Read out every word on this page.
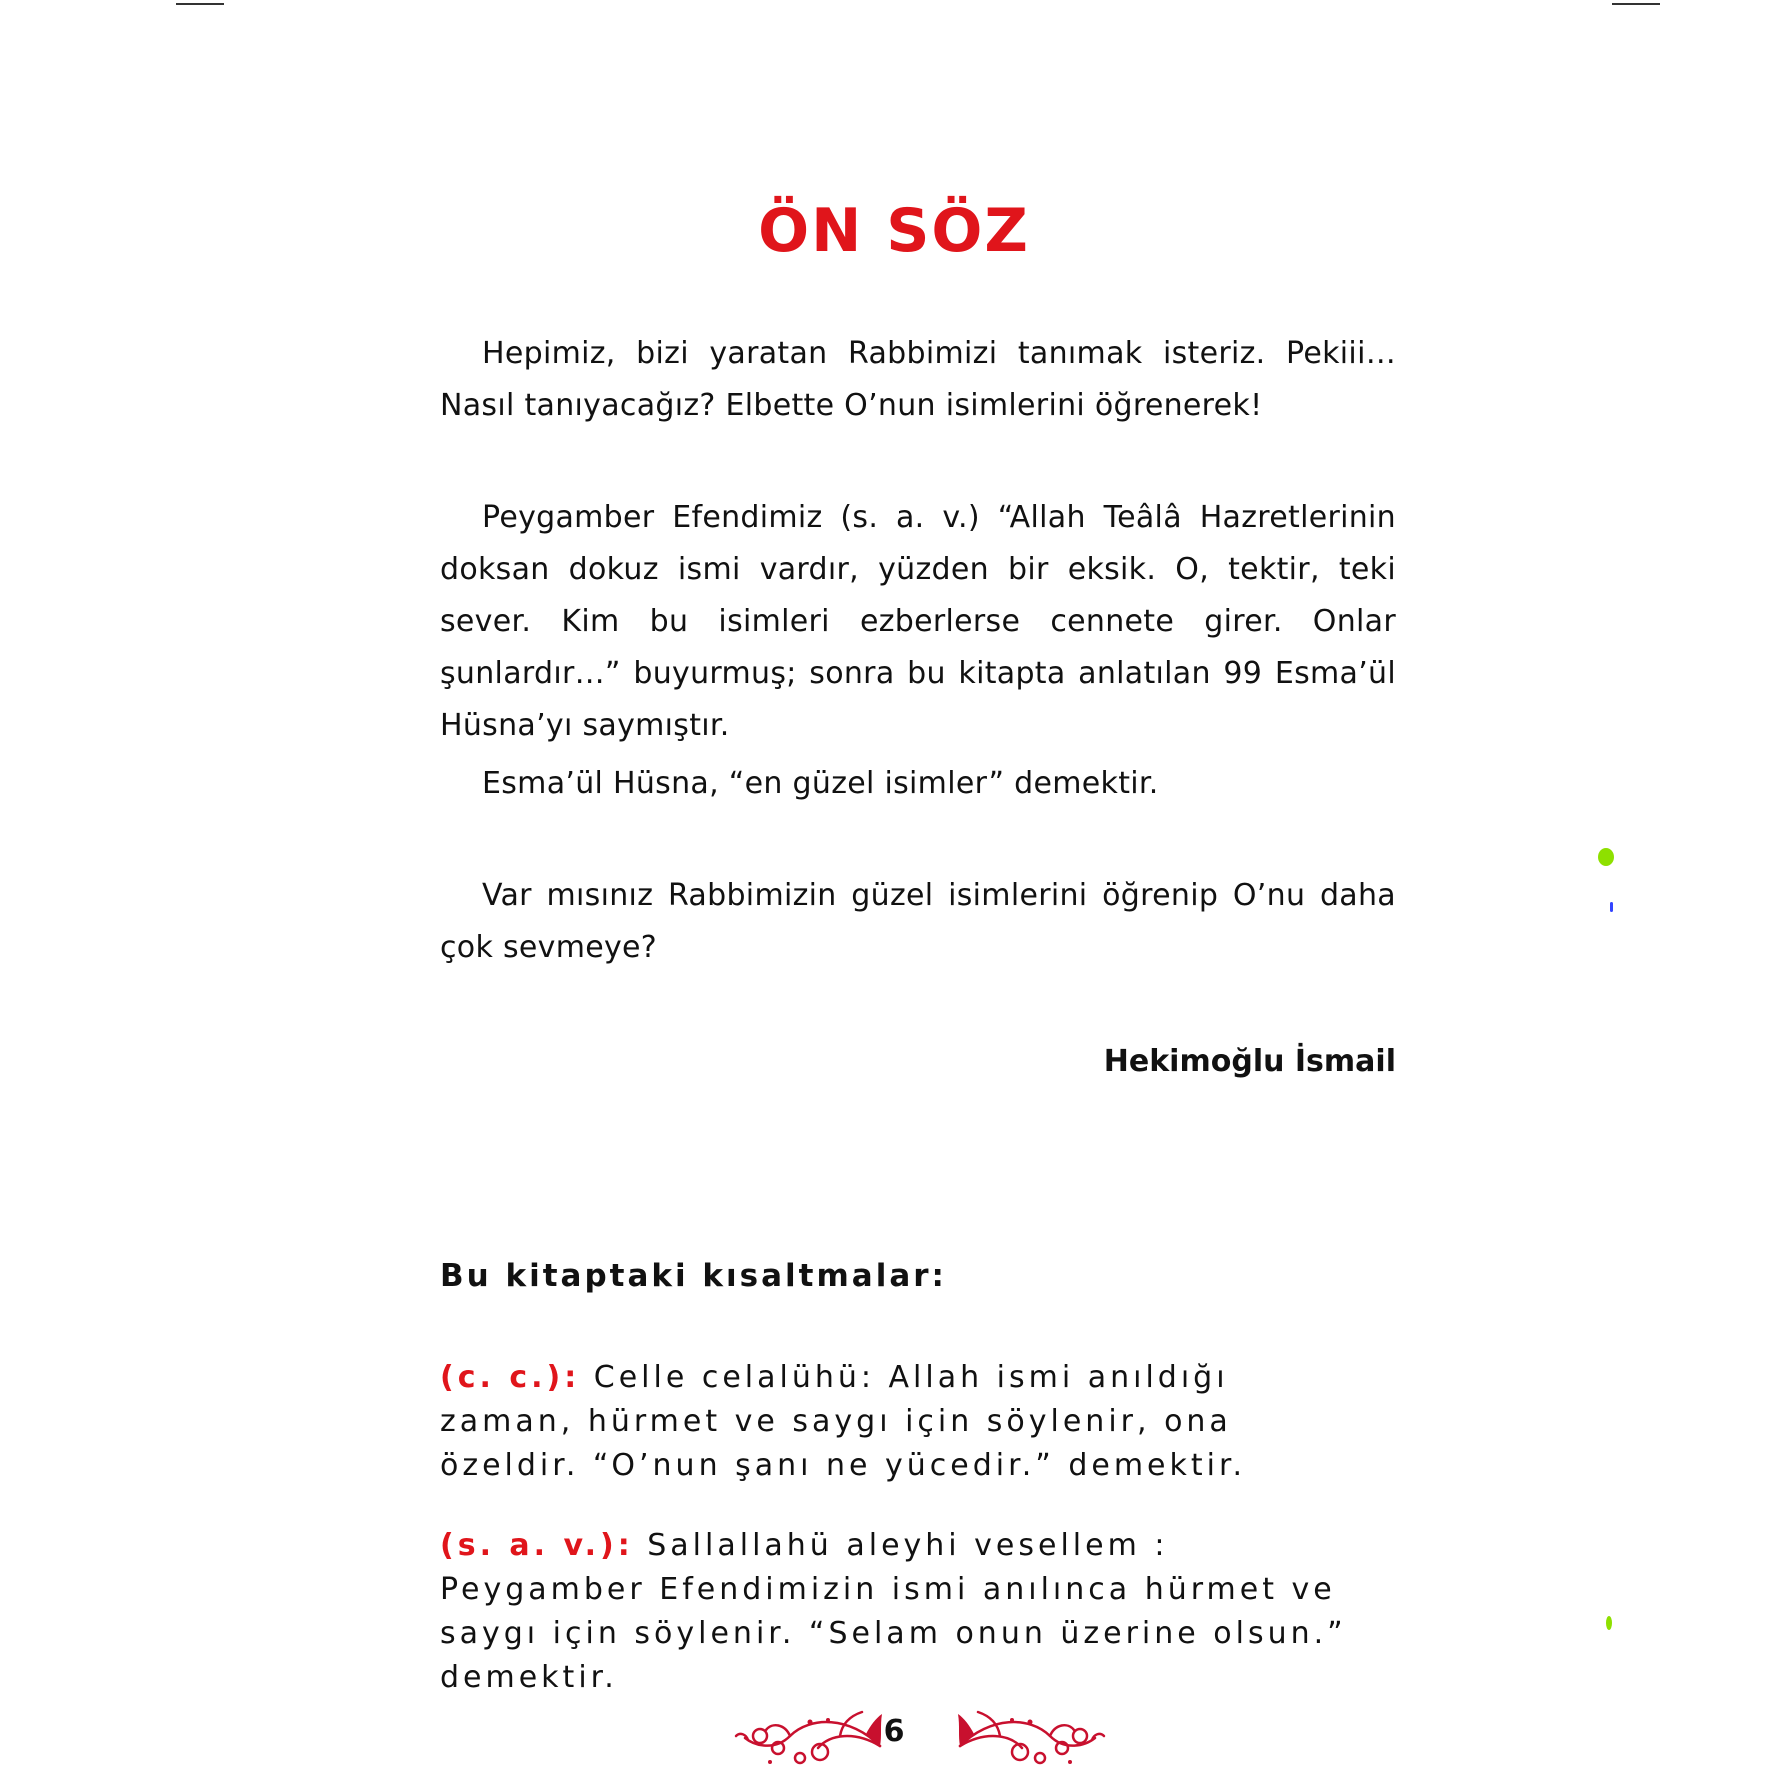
ÖN SÖZ

Hepimiz, bizi yaratan Rabbimizi tanımak isteriz. Pekiii… Nasıl tanıyacağız? Elbette O’nun isimlerini öğrenerek!

Peygamber Efendimiz (s. a. v.) “Allah Teâlâ Hazretlerinin doksan dokuz ismi vardır, yüzden bir eksik. O, tektir, teki sever. Kim bu isimleri ezberlerse cennete girer. Onlar şunlardır…” buyurmuş; sonra bu kitapta anlatılan 99 Esma’ül Hüsna’yı saymıştır.

Esma’ül Hüsna, “en güzel isimler” demektir.

Var mısınız Rabbimizin güzel isimlerini öğrenip O’nu daha çok sevmeye?

Hekimoğlu İsmail
Bu kitaptaki kısaltmalar:
(c. c.): Celle celalühü: Allah ismi anıldığı zaman, hürmet ve saygı için söylenir, ona özeldir. “O’nun şanı ne yücedir.” demektir.
(s. a. v.): Sallallahü aleyhi vesellem : Peygamber Efendimizin ismi anılınca hürmet ve saygı için söylenir. “Selam onun üzerine olsun.” demektir.
6
